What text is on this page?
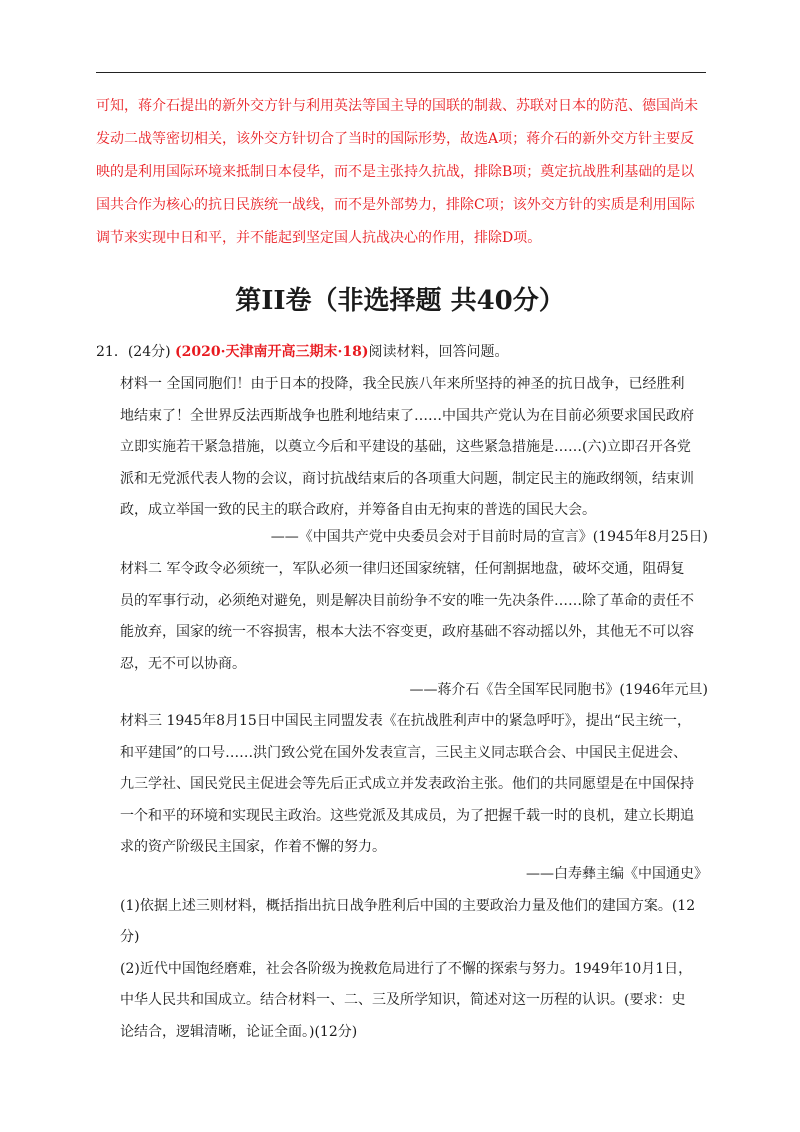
可知，蒋介石提出的新外交方针与利用英法等国主导的国联的制裁、苏联对日本的防范、德国尚未
发动二战等密切相关，该外交方针切合了当时的国际形势，故选A项；蒋介石的新外交方针主要反
映的是利用国际环境来抵制日本侵华，而不是主张持久抗战，排除B项；奠定抗战胜利基础的是以
国共合作为核心的抗日民族统一战线，而不是外部势力，排除C项；该外交方针的实质是利用国际
调节来实现中日和平，并不能起到坚定国人抗战决心的作用，排除D项。
第II卷（非选择题 共40分）
21．(24分) (2020·天津南开高三期末·18)阅读材料，回答问题。
材料一 全国同胞们！由于日本的投降，我全民族八年来所坚持的神圣的抗日战争，已经胜利
地结束了！全世界反法西斯战争也胜利地结束了……中国共产党认为在目前必须要求国民政府
立即实施若干紧急措施，以奠立今后和平建设的基础，这些紧急措施是……(六)立即召开各党
派和无党派代表人物的会议，商讨抗战结束后的各项重大问题，制定民主的施政纲领，结束训
政，成立举国一致的民主的联合政府，并筹备自由无拘束的普选的国民大会。
——《中国共产党中央委员会对于目前时局的宣言》(1945年8月25日)
材料二 军令政令必须统一，军队必须一律归还国家统辖，任何割据地盘，破坏交通，阻碍复
员的军事行动，必须绝对避免，则是解决目前纷争不安的唯一先决条件……除了革命的责任不
能放弃，国家的统一不容损害，根本大法不容变更，政府基础不容动摇以外，其他无不可以容
忍，无不可以协商。
——蒋介石《告全国军民同胞书》(1946年元旦)
材料三 1945年8月15日中国民主同盟发表《在抗战胜利声中的紧急呼吁》，提出“民主统一，
和平建国”的口号……洪门致公党在国外发表宣言，三民主义同志联合会、中国民主促进会、
九三学社、国民党民主促进会等先后正式成立并发表政治主张。他们的共同愿望是在中国保持
一个和平的环境和实现民主政治。这些党派及其成员，为了把握千载一时的良机，建立长期追
求的资产阶级民主国家，作着不懈的努力。
——白寿彝主编《中国通史》
(1)依据上述三则材料，概括指出抗日战争胜利后中国的主要政治力量及他们的建国方案。(12
分)
(2)近代中国饱经磨难，社会各阶级为挽救危局进行了不懈的探索与努力。1949年10月1日，
中华人民共和国成立。结合材料一、二、三及所学知识，简述对这一历程的认识。(要求：史
论结合，逻辑清晰，论证全面。)(12分)
